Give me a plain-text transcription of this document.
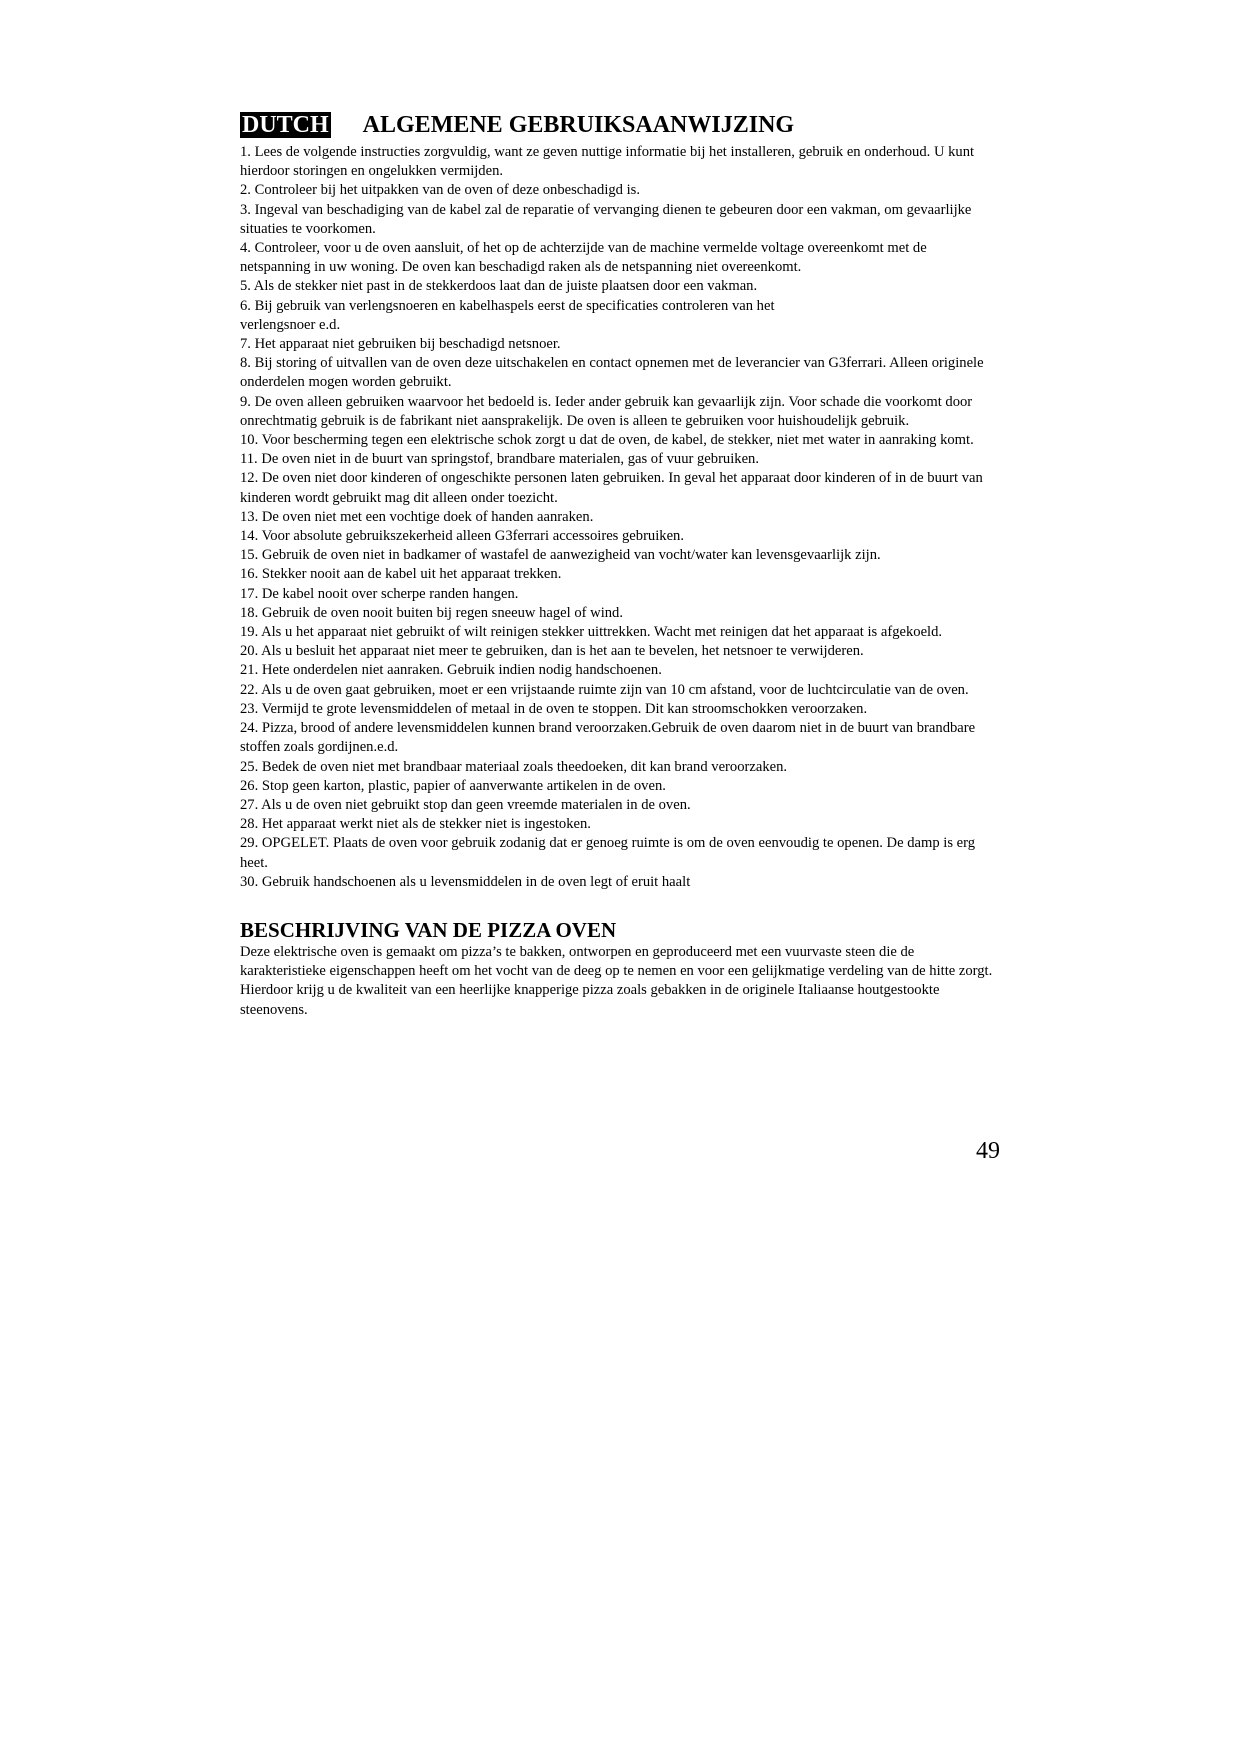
DUTCH ALGEMENE GEBRUIKSAANWIJZING
1. Lees de volgende instructies zorgvuldig, want ze geven nuttige informatie bij het installeren, gebruik en onderhoud. U kunt hierdoor storingen en ongelukken vermijden.
2. Controleer bij het uitpakken van de oven of deze onbeschadigd is.
3. Ingeval van beschadiging van de kabel zal de reparatie of vervanging dienen te gebeuren door een vakman, om gevaarlijke situaties te voorkomen.
4. Controleer, voor u de oven aansluit, of het op de achterzijde van de machine vermelde voltage overeenkomt met de netspanning in uw woning. De oven kan beschadigd raken als de netspanning niet overeenkomt.
5. Als de stekker niet past in de stekkerdoos laat dan de juiste plaatsen door een vakman.
6. Bij gebruik van verlengsnoeren en kabelhaspels eerst de specificaties controleren van het
verlengsnoer e.d.
7. Het apparaat niet gebruiken bij beschadigd netsnoer.
8. Bij storing of uitvallen van de oven deze uitschakelen en contact opnemen met de leverancier van G3ferrari. Alleen originele onderdelen mogen worden gebruikt.
9. De oven alleen gebruiken waarvoor het bedoeld is. Ieder ander gebruik kan gevaarlijk zijn. Voor schade die voorkomt door onrechtmatig gebruik is de fabrikant niet aansprakelijk. De oven is alleen te gebruiken voor huishoudelijk gebruik.
10. Voor bescherming tegen een elektrische schok zorgt u dat de oven, de kabel, de stekker, niet met water in aanraking komt.
11. De oven niet in de buurt van springstof, brandbare materialen, gas of vuur gebruiken.
12. De oven niet door kinderen of ongeschikte personen laten gebruiken. In geval het apparaat door kinderen of in de buurt van kinderen wordt gebruikt mag dit alleen onder toezicht.
13. De oven niet met een vochtige doek of handen aanraken.
14. Voor absolute gebruikszekerheid alleen G3ferrari accessoires gebruiken.
15. Gebruik de oven niet in badkamer of wastafel de aanwezigheid van vocht/water kan levensgevaarlijk zijn.
16. Stekker nooit aan de kabel uit het apparaat trekken.
17. De kabel nooit over scherpe randen hangen.
18. Gebruik de oven nooit buiten bij regen sneeuw hagel of wind.
19. Als u het apparaat niet gebruikt of wilt reinigen stekker uittrekken. Wacht met reinigen dat het apparaat is afgekoeld.
20. Als u besluit het apparaat niet meer te gebruiken, dan is het aan te bevelen, het netsnoer te verwijderen.
21. Hete onderdelen niet aanraken. Gebruik indien nodig handschoenen.
22. Als u de oven gaat gebruiken, moet er een vrijstaande ruimte zijn van 10 cm afstand, voor de luchtcirculatie van de oven.
23. Vermijd te grote levensmiddelen of metaal in de oven te stoppen. Dit kan stroomschokken veroorzaken.
24. Pizza, brood of andere levensmiddelen kunnen brand veroorzaken.Gebruik de oven daarom niet in de buurt van brandbare stoffen zoals gordijnen.e.d.
25. Bedek de oven niet met brandbaar materiaal zoals theedoeken, dit kan brand veroorzaken.
26. Stop geen karton, plastic, papier of aanverwante artikelen in de oven.
27. Als u de oven niet gebruikt stop dan geen vreemde materialen in de oven.
28. Het apparaat werkt niet als de stekker niet is ingestoken.
29. OPGELET. Plaats de oven voor gebruik zodanig dat er genoeg ruimte is om de oven eenvoudig te openen. De damp is erg heet.
30. Gebruik handschoenen als u levensmiddelen in de oven legt of eruit haalt
BESCHRIJVING VAN DE PIZZA OVEN

Deze elektrische oven is gemaakt om pizza’s te bakken, ontworpen en geproduceerd met een vuurvaste steen die de karakteristieke eigenschappen heeft om het vocht van de deeg op te nemen en voor een gelijkmatige verdeling van de hitte zorgt. Hierdoor krijg u de kwaliteit van een heerlijke knapperige pizza zoals gebakken in de originele Italiaanse houtgestookte steenovens.

49
